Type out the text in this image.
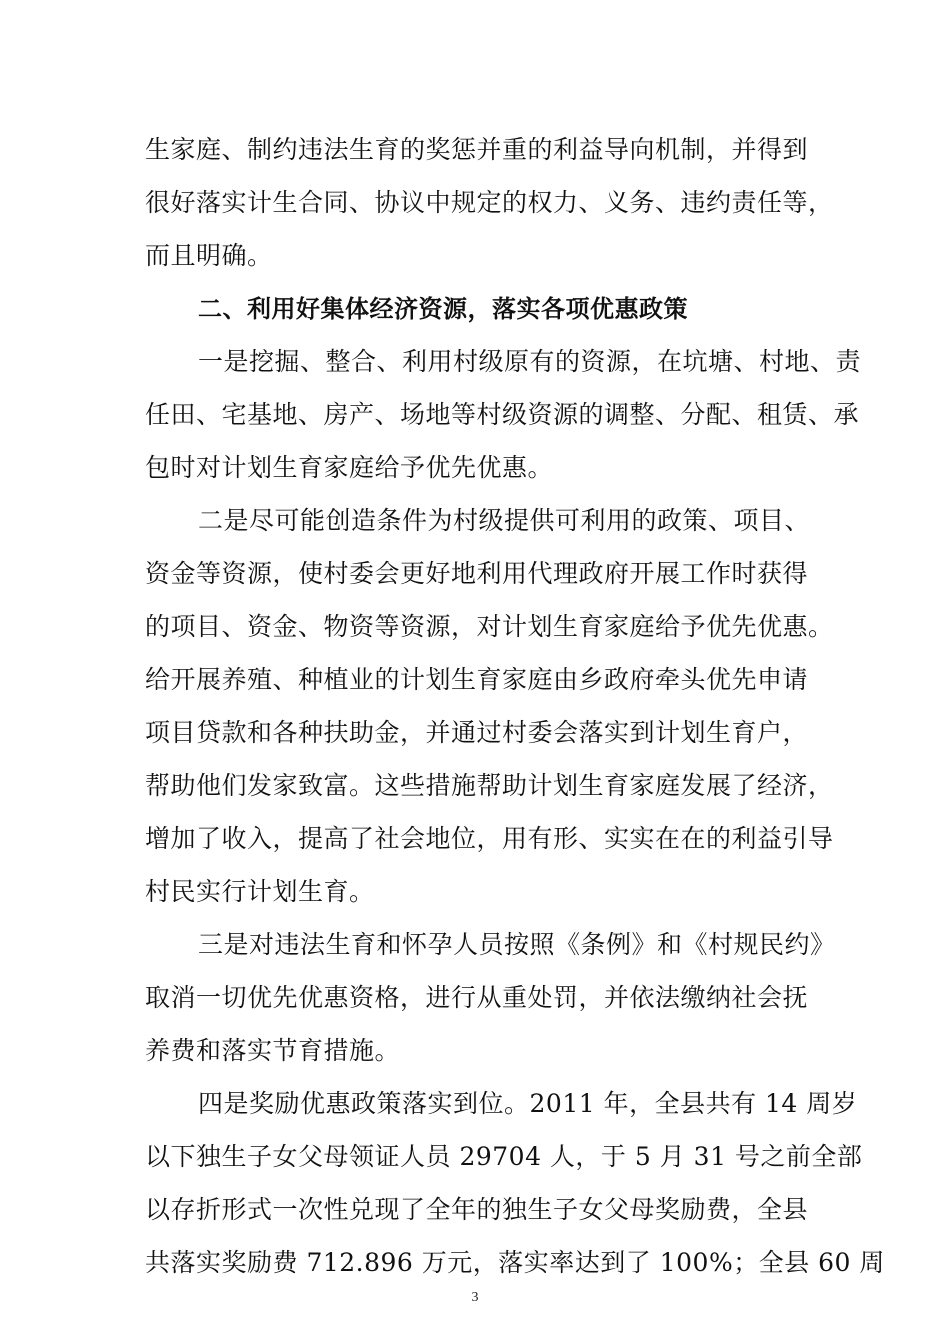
生家庭、制约违法生育的奖惩并重的利益导向机制，并得到
很好落实计生合同、协议中规定的权力、义务、违约责任等，
而且明确。
二、利用好集体经济资源，落实各项优惠政策
一是挖掘、整合、利用村级原有的资源，在坑塘、村地、责
任田、宅基地、房产、场地等村级资源的调整、分配、租赁、承
包时对计划生育家庭给予优先优惠。
二是尽可能创造条件为村级提供可利用的政策、项目、
资金等资源，使村委会更好地利用代理政府开展工作时获得
的项目、资金、物资等资源，对计划生育家庭给予优先优惠。
给开展养殖、种植业的计划生育家庭由乡政府牵头优先申请
项目贷款和各种扶助金，并通过村委会落实到计划生育户，
帮助他们发家致富。这些措施帮助计划生育家庭发展了经济，
增加了收入，提高了社会地位，用有形、实实在在的利益引导
村民实行计划生育。
三是对违法生育和怀孕人员按照《条例》和《村规民约》
取消一切优先优惠资格，进行从重处罚，并依法缴纳社会抚
养费和落实节育措施。
四是奖励优惠政策落实到位。2011 年，全县共有 14 周岁
以下独生子女父母领证人员 29704 人，于 5 月 31 号之前全部
以存折形式一次性兑现了全年的独生子女父母奖励费，全县
共落实奖励费 712.896 万元，落实率达到了 100%；全县 60 周
3
